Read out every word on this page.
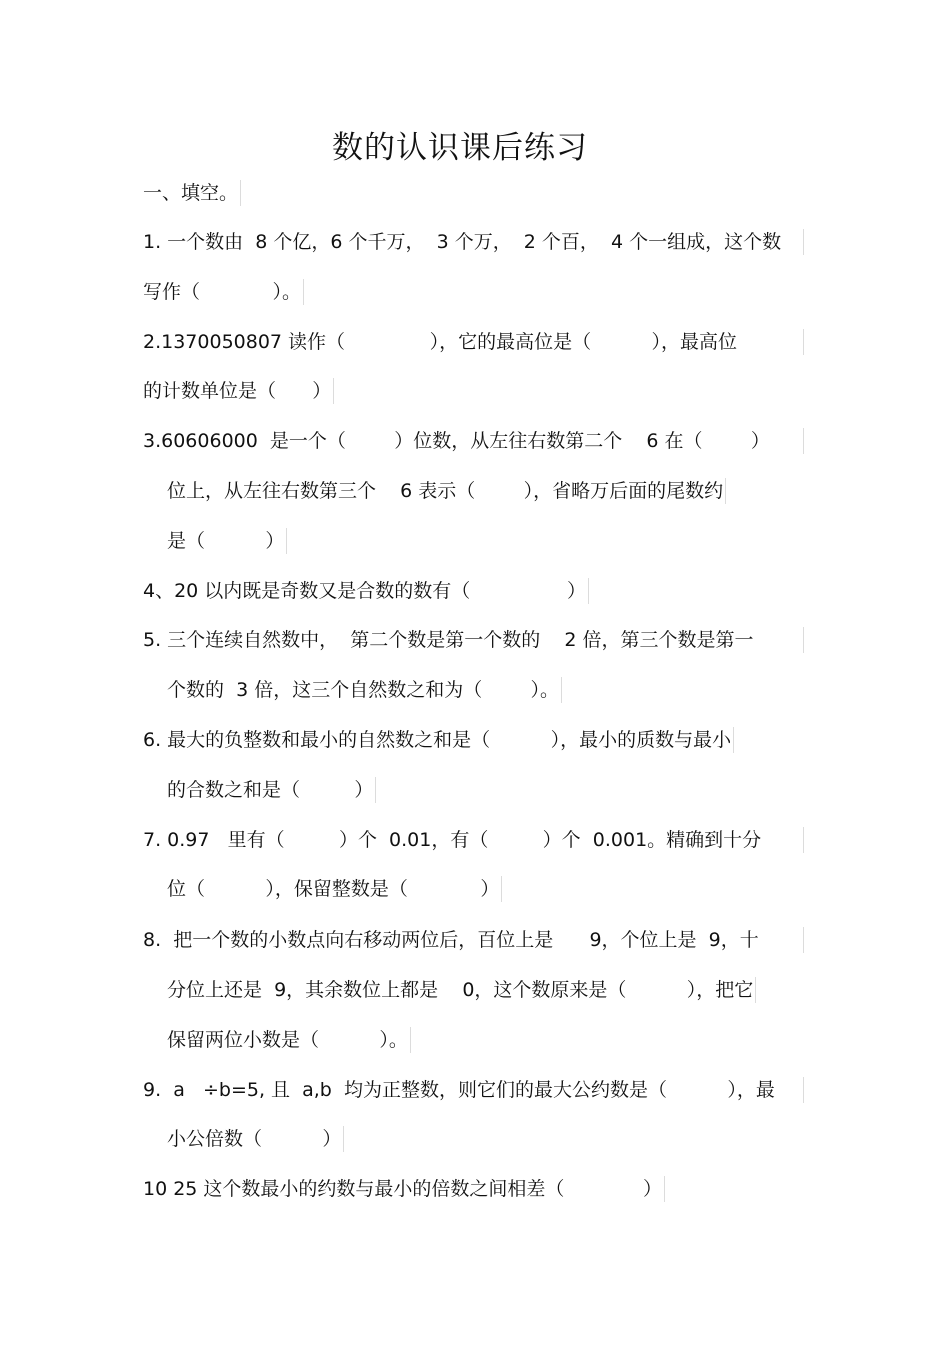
数的认识课后练习
一、填空。
1. 一个数由  8 个亿，6 个千万，  3 个万，  2 个百，  4 个一组成，这个数
写作（            ）。
2.1370050807 读作（              ），它的最高位是（          ），最高位
的计数单位是（      ）
3.60606000  是一个（        ）位数，从左往右数第二个    6 在（        ）
位上，从左往右数第三个    6 表示（        ），省略万后面的尾数约
是（          ）
4、20 以内既是奇数又是合数的数有（                ）
5. 三个连续自然数中，  第二个数是第一个数的    2 倍，第三个数是第一
个数的  3 倍，这三个自然数之和为（        ）。
6. 最大的负整数和最小的自然数之和是（          ），最小的质数与最小
的合数之和是（         ）
7. 0.97   里有（         ）个  0.01，有（         ）个  0.001。精确到十分
位（          ），保留整数是（            ）
8.  把一个数的小数点向右移动两位后，百位上是      9，个位上是  9，十
分位上还是  9，其余数位上都是    0，这个数原来是（          ），把它
保留两位小数是（          ）。
9.  a   ÷b=5, 且  a,b  均为正整数，则它们的最大公约数是（          ），最
小公倍数（          ）
10 25 这个数最小的约数与最小的倍数之间相差（             ）
